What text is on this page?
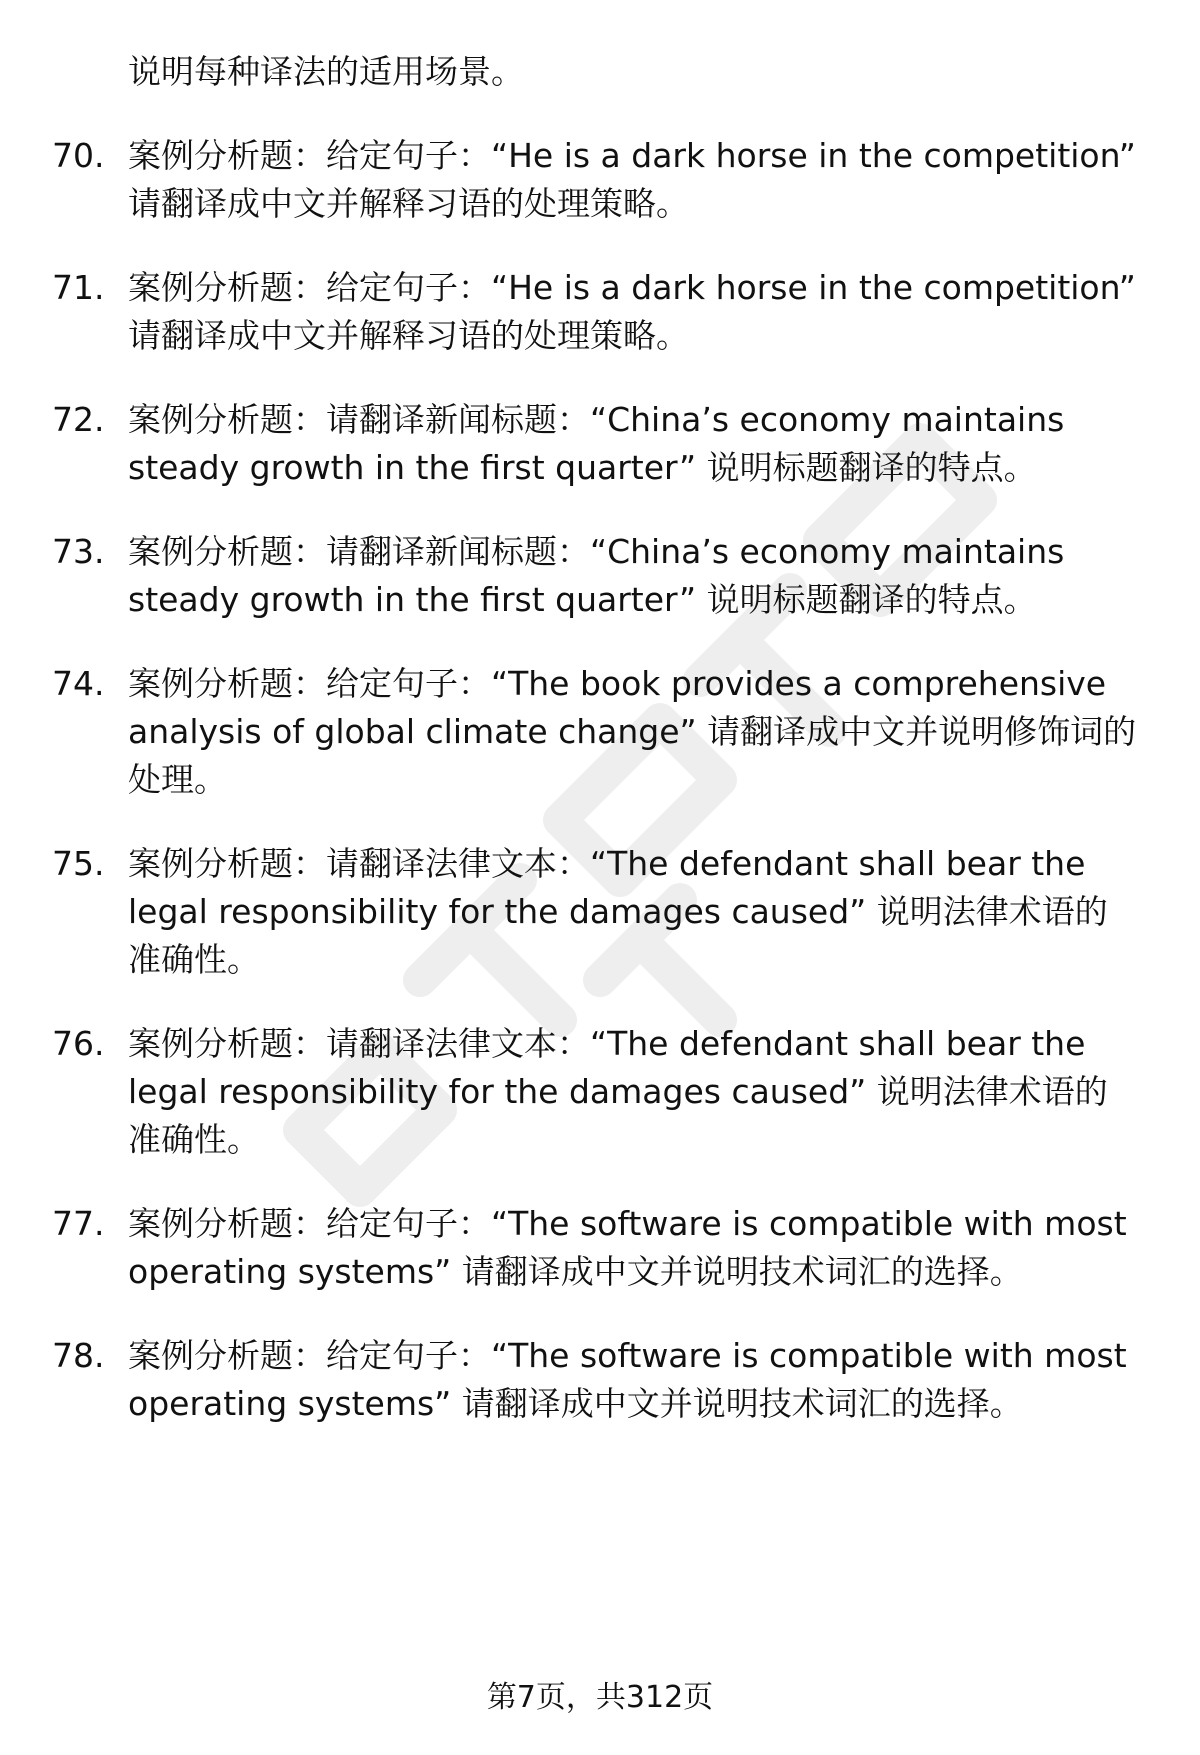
说明每种译法的适用场景。
70. 案例分析题：给定句子：“He is a dark horse in the competition” 请翻译成中文并解释习语的处理策略。
71. 案例分析题：给定句子：“He is a dark horse in the competition” 请翻译成中文并解释习语的处理策略。
72. 案例分析题：请翻译新闻标题：“China’s economy maintains steady growth in the first quarter” 说明标题翻译的特点。
73. 案例分析题：请翻译新闻标题：“China’s economy maintains steady growth in the first quarter” 说明标题翻译的特点。
74. 案例分析题：给定句子：“The book provides a comprehensive analysis of global climate change” 请翻译成中文并说明修饰词的处理。
75. 案例分析题：请翻译法律文本：“The defendant shall bear the legal responsibility for the damages caused” 说明法律术语的准确性。
76. 案例分析题：请翻译法律文本：“The defendant shall bear the legal responsibility for the damages caused” 说明法律术语的准确性。
77. 案例分析题：给定句子：“The software is compatible with most operating systems” 请翻译成中文并说明技术词汇的选择。
78. 案例分析题：给定句子：“The software is compatible with most operating systems” 请翻译成中文并说明技术词汇的选择。
第7页，共312页
